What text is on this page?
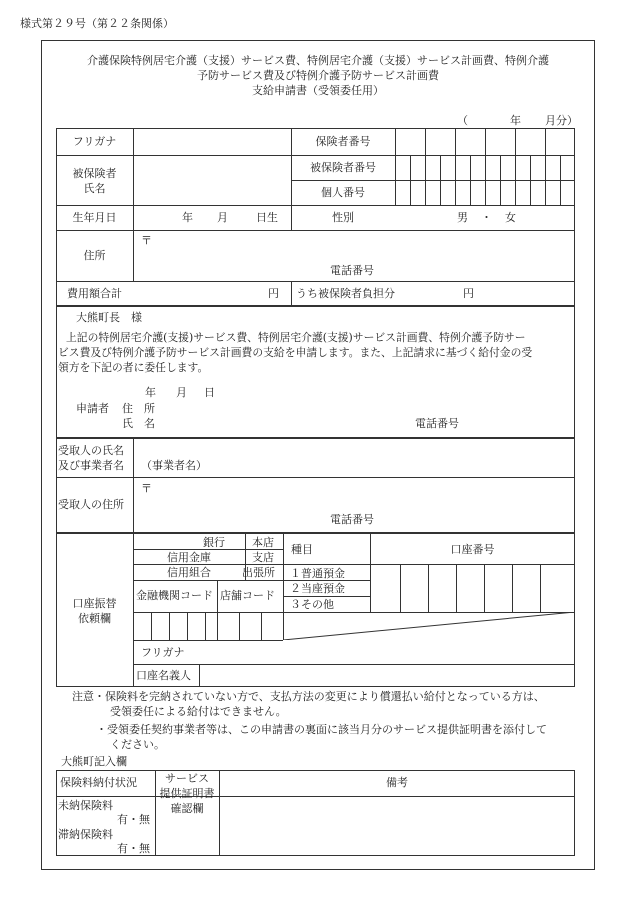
様式第２９号（第２２条関係）
介護保険特例居宅介護（支援）サービス費、特例居宅介護（支援）サービス計画費、特例介護
予防サービス費及び特例介護予防サービス計画費
支給申請書（受領委任用）
（	年 月分）
フリガナ	保険者番号
被保険者
氏名
被保険者番号
個人番号
生年月日	年 月	日生	性別	男 ・ 女
住所
〒
電話番号
費用額合計	円 うち被保険者負担分	円
大熊町長　様
上記の特例居宅介護(支援)サービス費、特例居宅介護(支援)サービス計画費、特例介護予防サー
ビス費及び特例介護予防サービス計画費の支給を申請します。また、上記請求に基づく給付金の受
領方を下記の者に委任します。
年 月 日
申請者 住　所
氏　名	電話番号
受取人の氏名
及び事業者名 （事業者名）
受取人の住所
〒
電話番号
口座振替
依頼欄
銀行 本店
信用金庫	支店
信用組合	出張所
種目	口座番号
１普通預金
２当座預金
３その他
金融機関コード 店舗コード
フリガナ
口座名義人
注意・保険料を完納されていない方で、支払方法の変更により償還払い給付となっている方は、
受領委任による給付はできません。
・受領委任契約事業者等は、この申請書の裏面に該当月分のサービス提供証明書を添付して
ください。
大熊町記入欄
保険料納付状況	サービス
提供証明書
確認欄
備考
未納保険料
有・無
滞納保険料
有・無
